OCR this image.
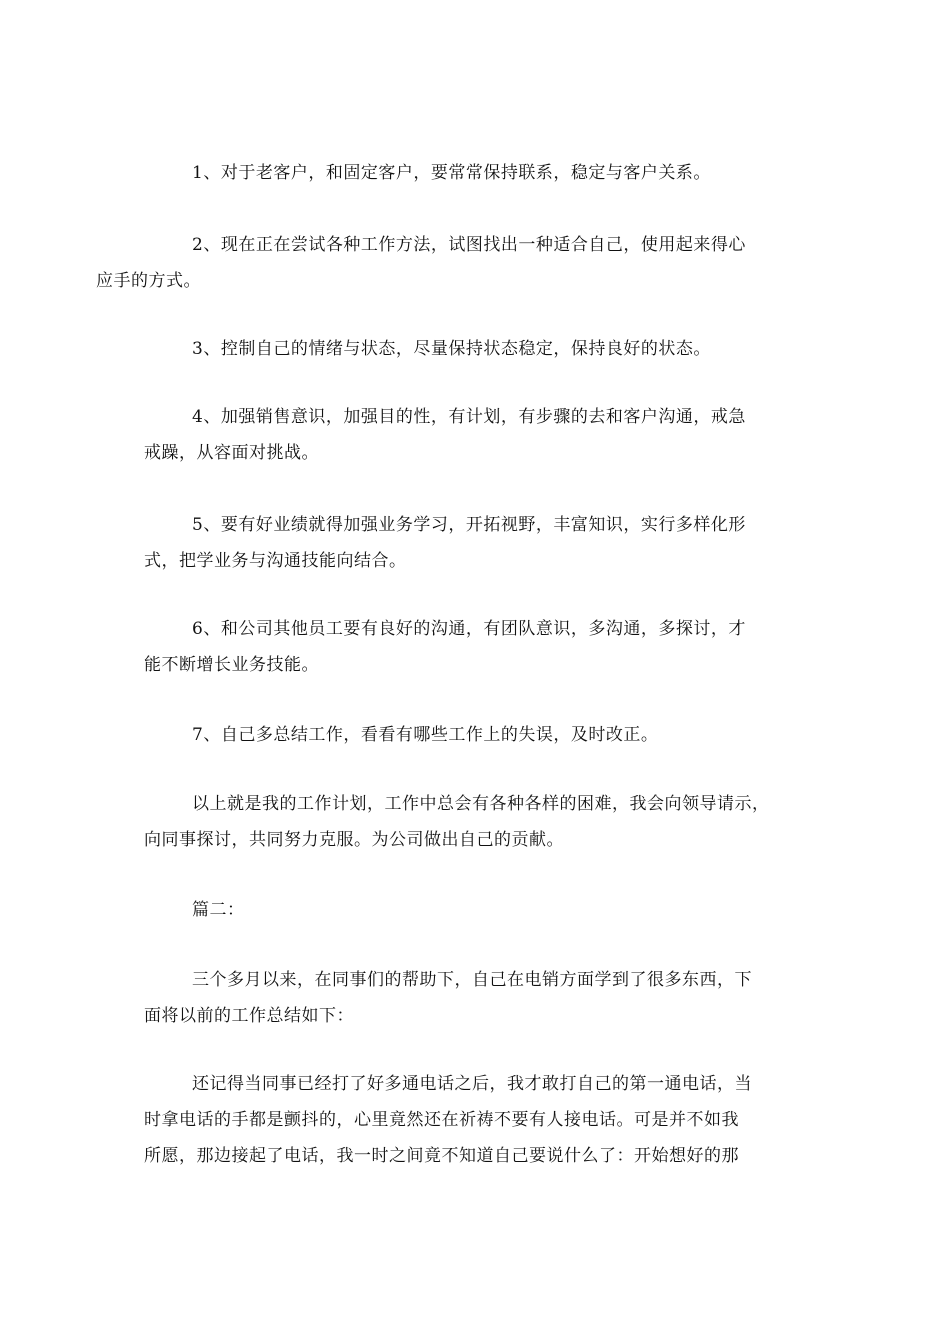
1、对于老客户，和固定客户，要常常保持联系，稳定与客户关系。

2、现在正在尝试各种工作方法，试图找出一种适合自己，使用起来得心
应手的方式。

3、控制自己的情绪与状态，尽量保持状态稳定，保持良好的状态。

4、加强销售意识，加强目的性，有计划，有步骤的去和客户沟通，戒急
戒躁，从容面对挑战。

5、要有好业绩就得加强业务学习，开拓视野，丰富知识，实行多样化形
式，把学业务与沟通技能向结合。

6、和公司其他员工要有良好的沟通，有团队意识，多沟通，多探讨，才
能不断增长业务技能。

7、自己多总结工作，看看有哪些工作上的失误，及时改正。

以上就是我的工作计划，工作中总会有各种各样的困难，我会向领导请示，
向同事探讨，共同努力克服。为公司做出自己的贡献。

篇二：

三个多月以来，在同事们的帮助下，自己在电销方面学到了很多东西，下
面将以前的工作总结如下：

还记得当同事已经打了好多通电话之后，我才敢打自己的第一通电话，当
时拿电话的手都是颤抖的，心里竟然还在祈祷不要有人接电话。可是并不如我
所愿，那边接起了电话，我一时之间竟不知道自己要说什么了：开始想好的那
